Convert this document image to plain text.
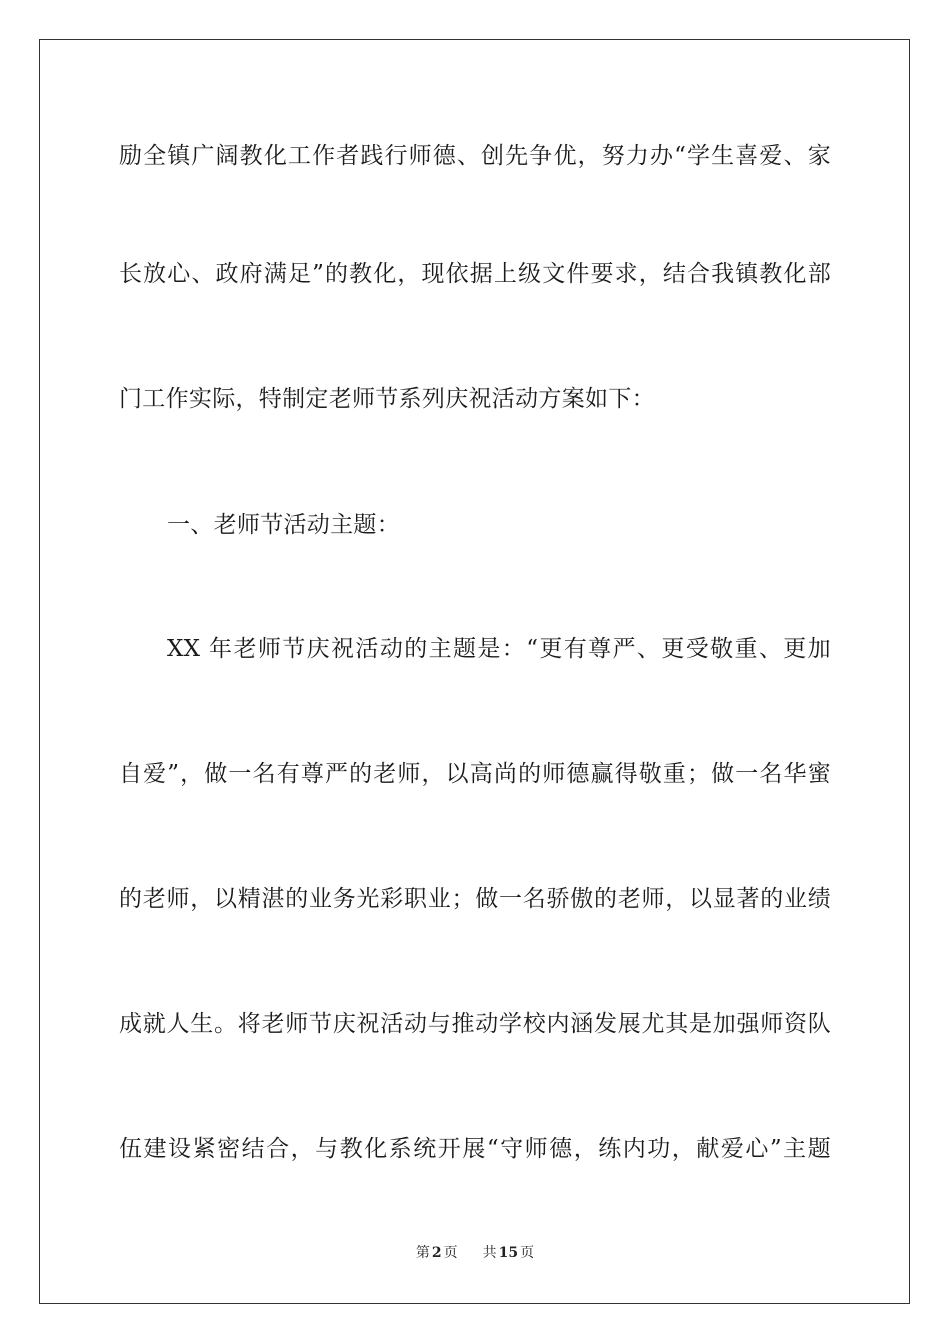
励全镇广阔教化工作者践行师德、创先争优，努力办“学生喜爱、家
长放心、政府满足”的教化，现依据上级文件要求，结合我镇教化部
门工作实际，特制定老师节系列庆祝活动方案如下：
一、老师节活动主题：
XX 年老师节庆祝活动的主题是：“更有尊严、更受敬重、更加
自爱”，做一名有尊严的老师，以高尚的师德赢得敬重；做一名华蜜
的老师，以精湛的业务光彩职业；做一名骄傲的老师，以显著的业绩
成就人生。将老师节庆祝活动与推动学校内涵发展尤其是加强师资队
伍建设紧密结合，与教化系统开展“守师德，练内功，献爱心”主题
第 2 页 共 15 页
